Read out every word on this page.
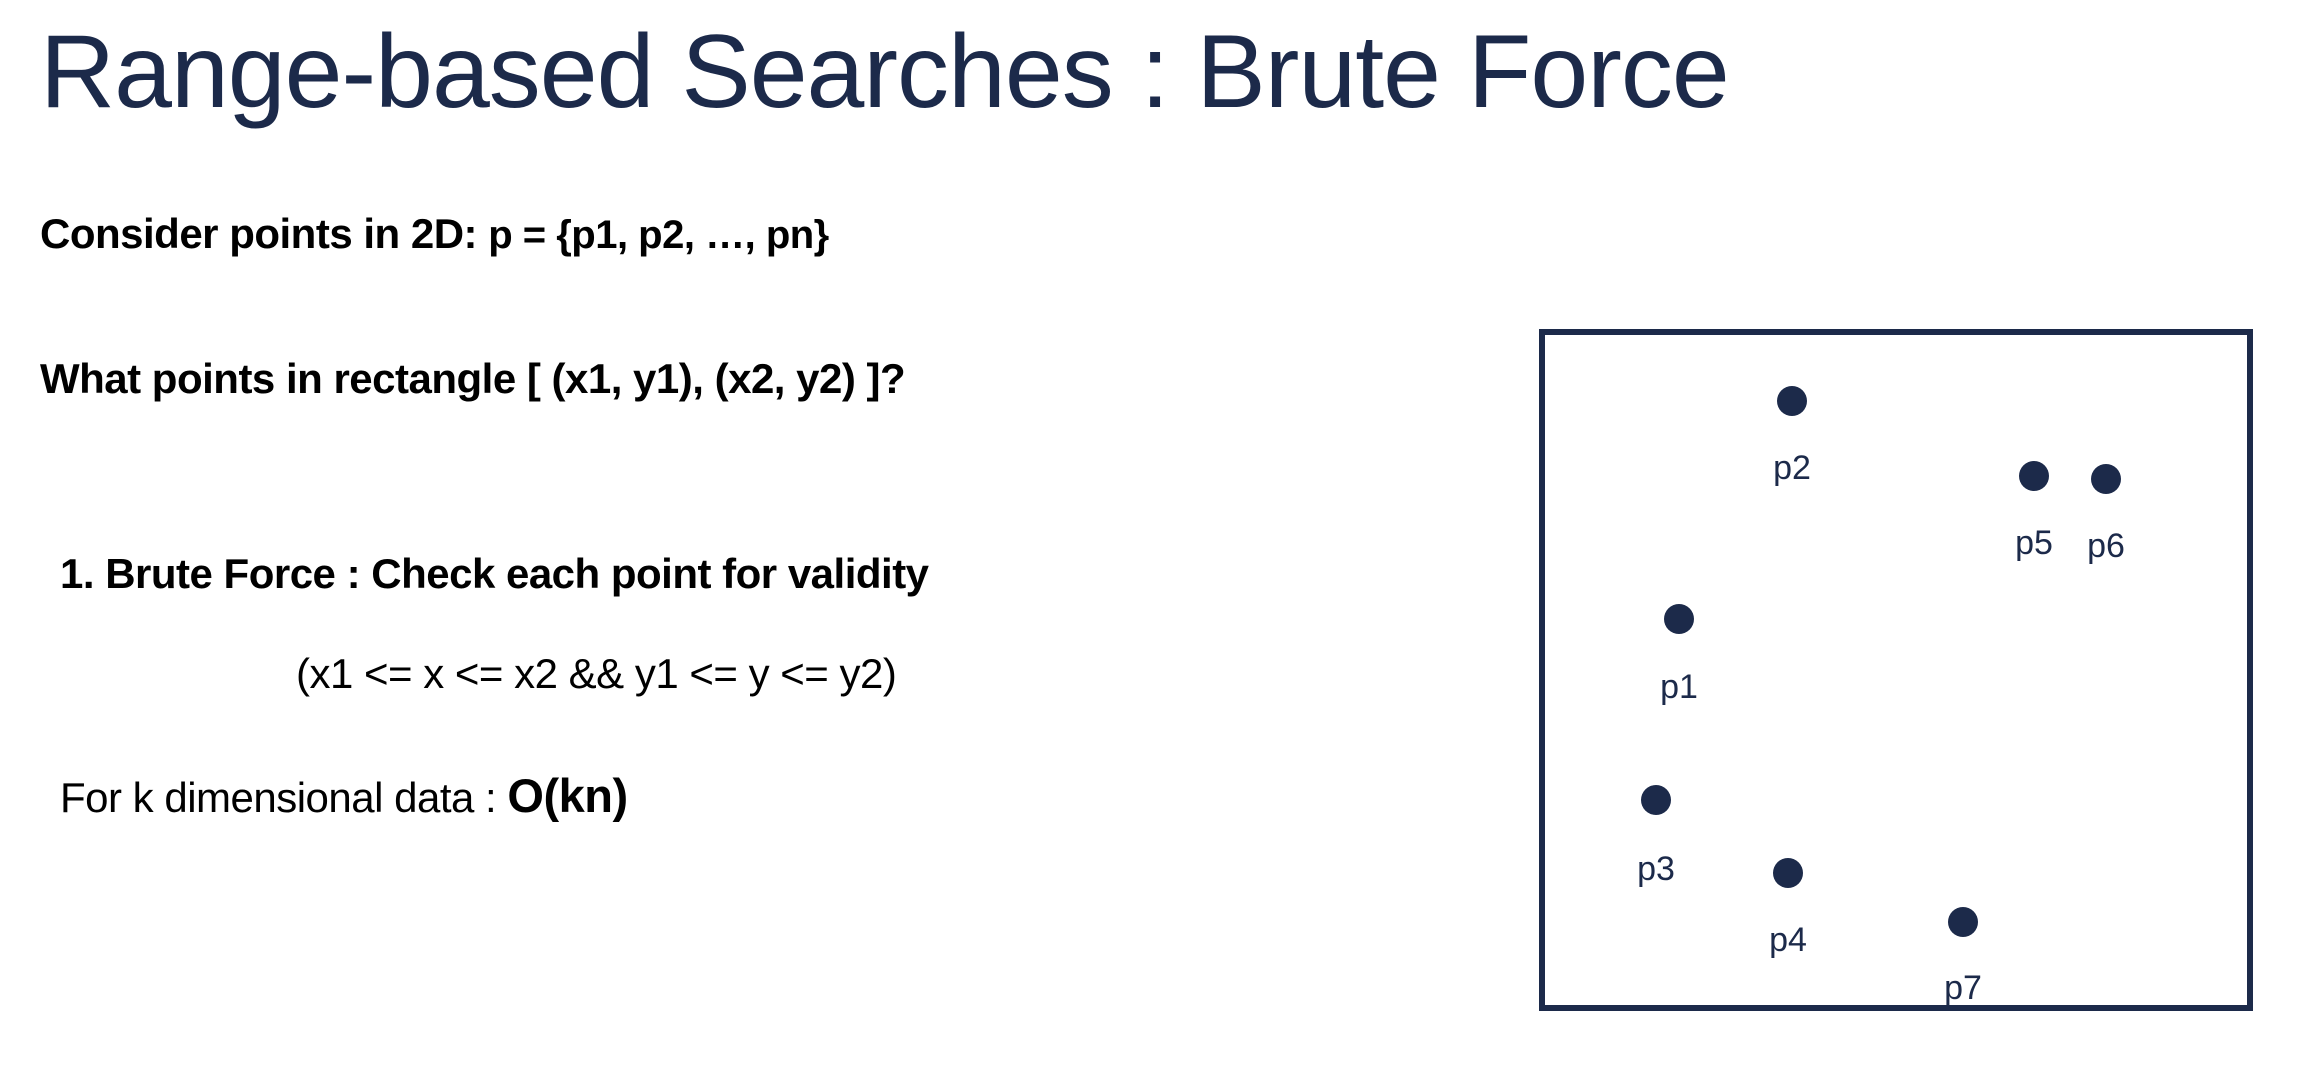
Range-based Searches : Brute Force

Consider points in 2D: p = {p1, p2, …, pn}

What points in rectangle [ (x1, y1), (x2, y2) ]?

1. Brute Force : Check each point for validity

(x1 <= x <= x2 && y1 <= y <= y2)

For k dimensional data : O(kn)

p1
p2
p3
p4
p5 p6
p7
